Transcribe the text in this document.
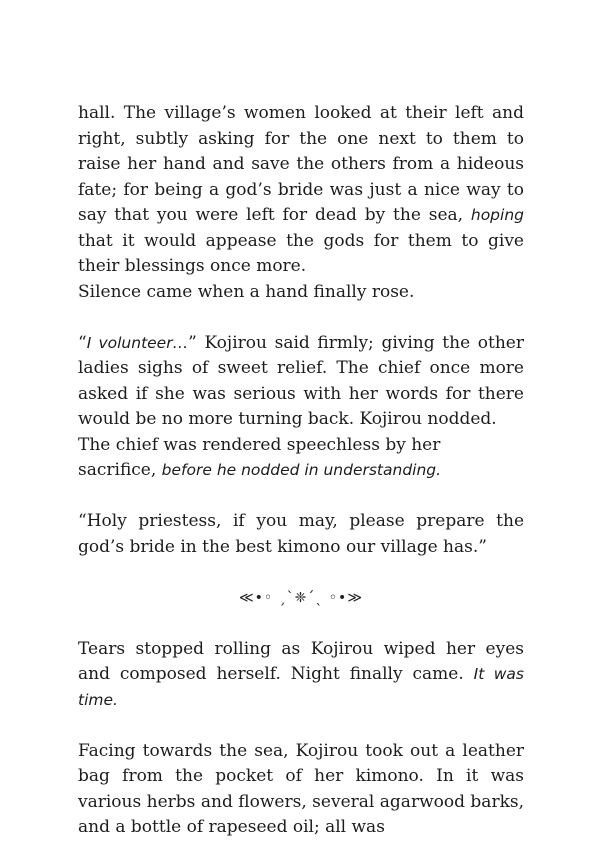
hall. The village’s women looked at their left and right, subtly asking for the one next to them to raise her hand and save the others from a hideous fate; for being a god’s bride was just a nice way to say that you were left for dead by the sea, hoping that it would appease the gods for them to give their blessings once more.

Silence came when a hand finally rose.

“I volunteer…” Kojirou said firmly; giving the other ladies sighs of sweet relief. The chief once more asked if she was serious with her words for there would be no more turning back. Kojirou nodded.

The chief was rendered speechless by her sacrifice, before he nodded in understanding.

“Holy priestess, if you may, please prepare the god’s bride in the best kimono our village has.”

≪•◦ ˏˋ❈ˊˎ ◦•≫

Tears stopped rolling as Kojirou wiped her eyes and composed herself. Night finally came. It was time.

Facing towards the sea, Kojirou took out a leather bag from the pocket of her kimono. In it was various herbs and flowers, several agarwood barks, and a bottle of rapeseed oil; all was
